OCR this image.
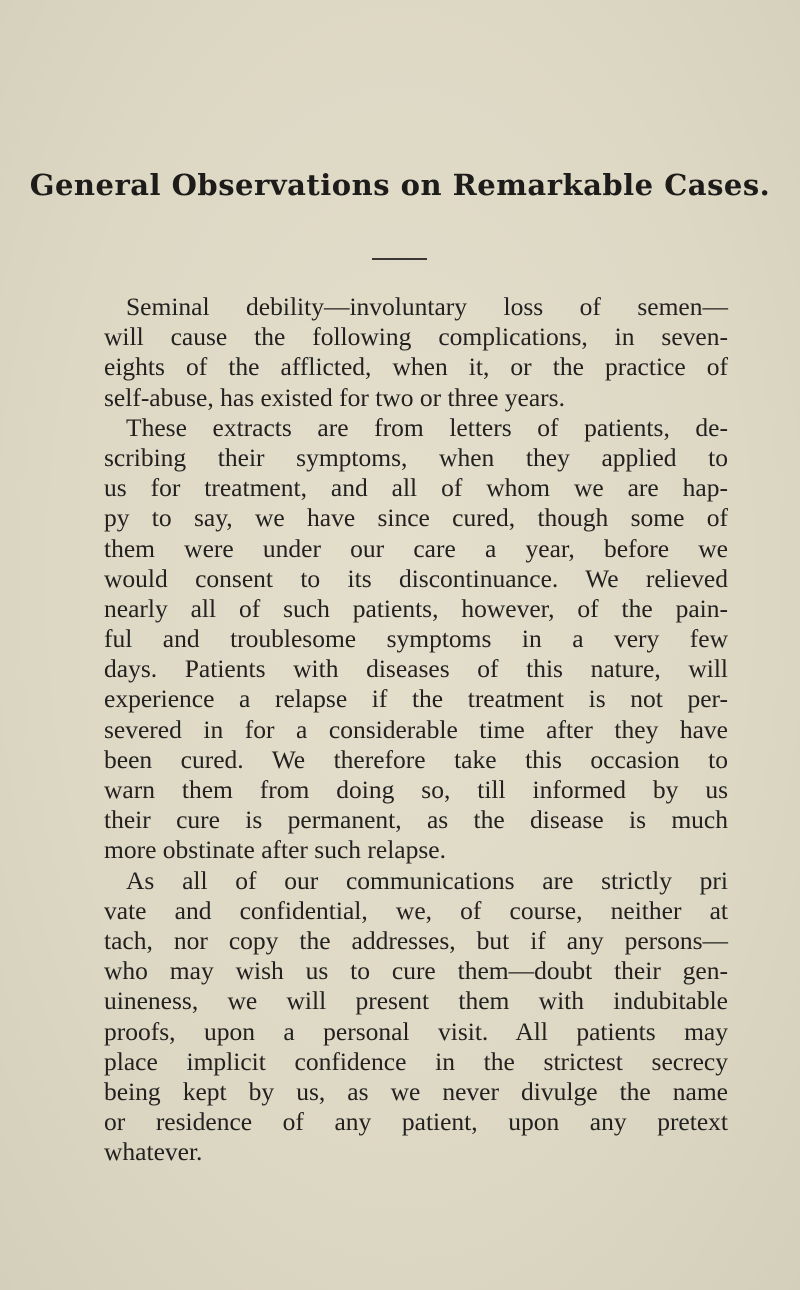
General Observations on Remarkable Cases.
Seminal debility—involuntary loss of semen—
will cause the following complications, in seven-
eights of the afflicted, when it, or the practice of
self-abuse, has existed for two or three years.
These extracts are from letters of patients, de-
scribing their symptoms, when they applied to
us for treatment, and all of whom we are hap-
py to say, we have since cured, though some of
them were under our care a year, before we
would consent to its discontinuance. We relieved
nearly all of such patients, however, of the pain-
ful and troublesome symptoms in a very few
days. Patients with diseases of this nature, will
experience a relapse if the treatment is not per-
severed in for a considerable time after they have
been cured. We therefore take this occasion to
warn them from doing so, till informed by us
their cure is permanent, as the disease is much
more obstinate after such relapse.
As all of our communications are strictly pri
vate and confidential, we, of course, neither at
tach, nor copy the addresses, but if any persons—
who may wish us to cure them—doubt their gen-
uineness, we will present them with indubitable
proofs, upon a personal visit. All patients may
place implicit confidence in the strictest secrecy
being kept by us, as we never divulge the name
or residence of any patient, upon any pretext
whatever.
